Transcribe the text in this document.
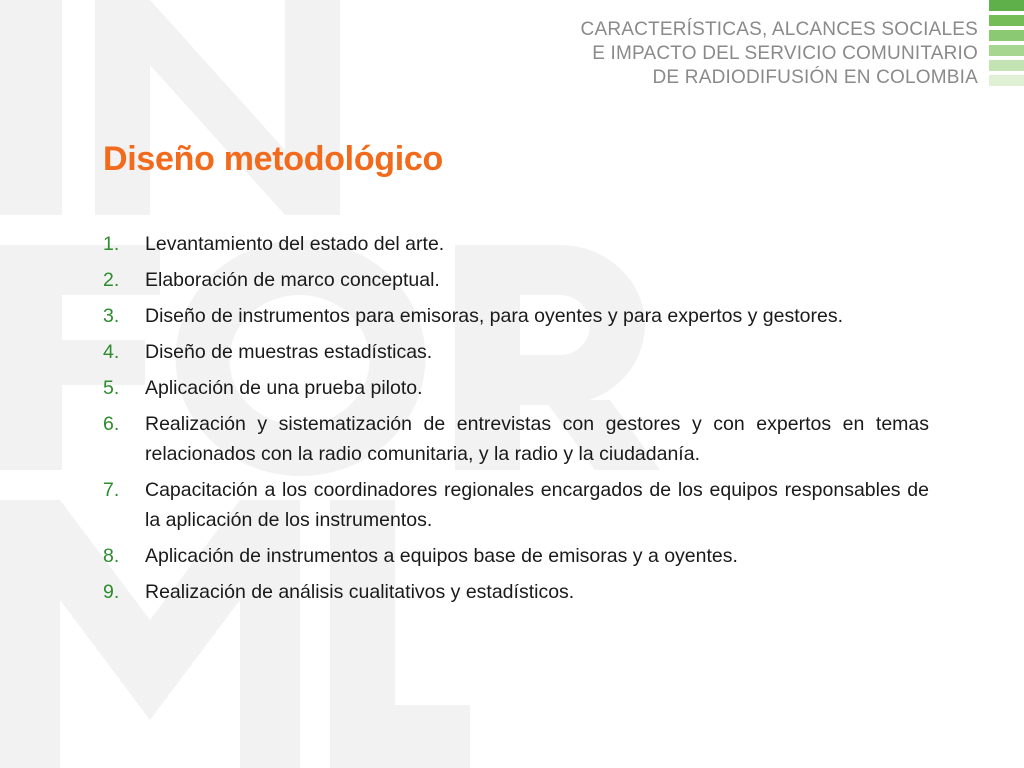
CARACTERÍSTICAS, ALCANCES SOCIALES
E IMPACTO DEL SERVICIO COMUNITARIO
DE RADIODIFUSIÓN EN COLOMBIA
Diseño metodológico
1. Levantamiento del estado del arte.
2. Elaboración de marco conceptual.
3. Diseño de instrumentos para emisoras, para oyentes y para expertos y gestores.
4. Diseño de muestras estadísticas.
5. Aplicación de una prueba piloto.
6. Realización y sistematización de entrevistas con gestores y con expertos en temas relacionados con la radio comunitaria, y la radio y la ciudadanía.
7. Capacitación a los coordinadores regionales encargados de los equipos responsables de la aplicación de los instrumentos.
8. Aplicación de instrumentos a equipos base de emisoras y a oyentes.
9. Realización de análisis cualitativos y estadísticos.
